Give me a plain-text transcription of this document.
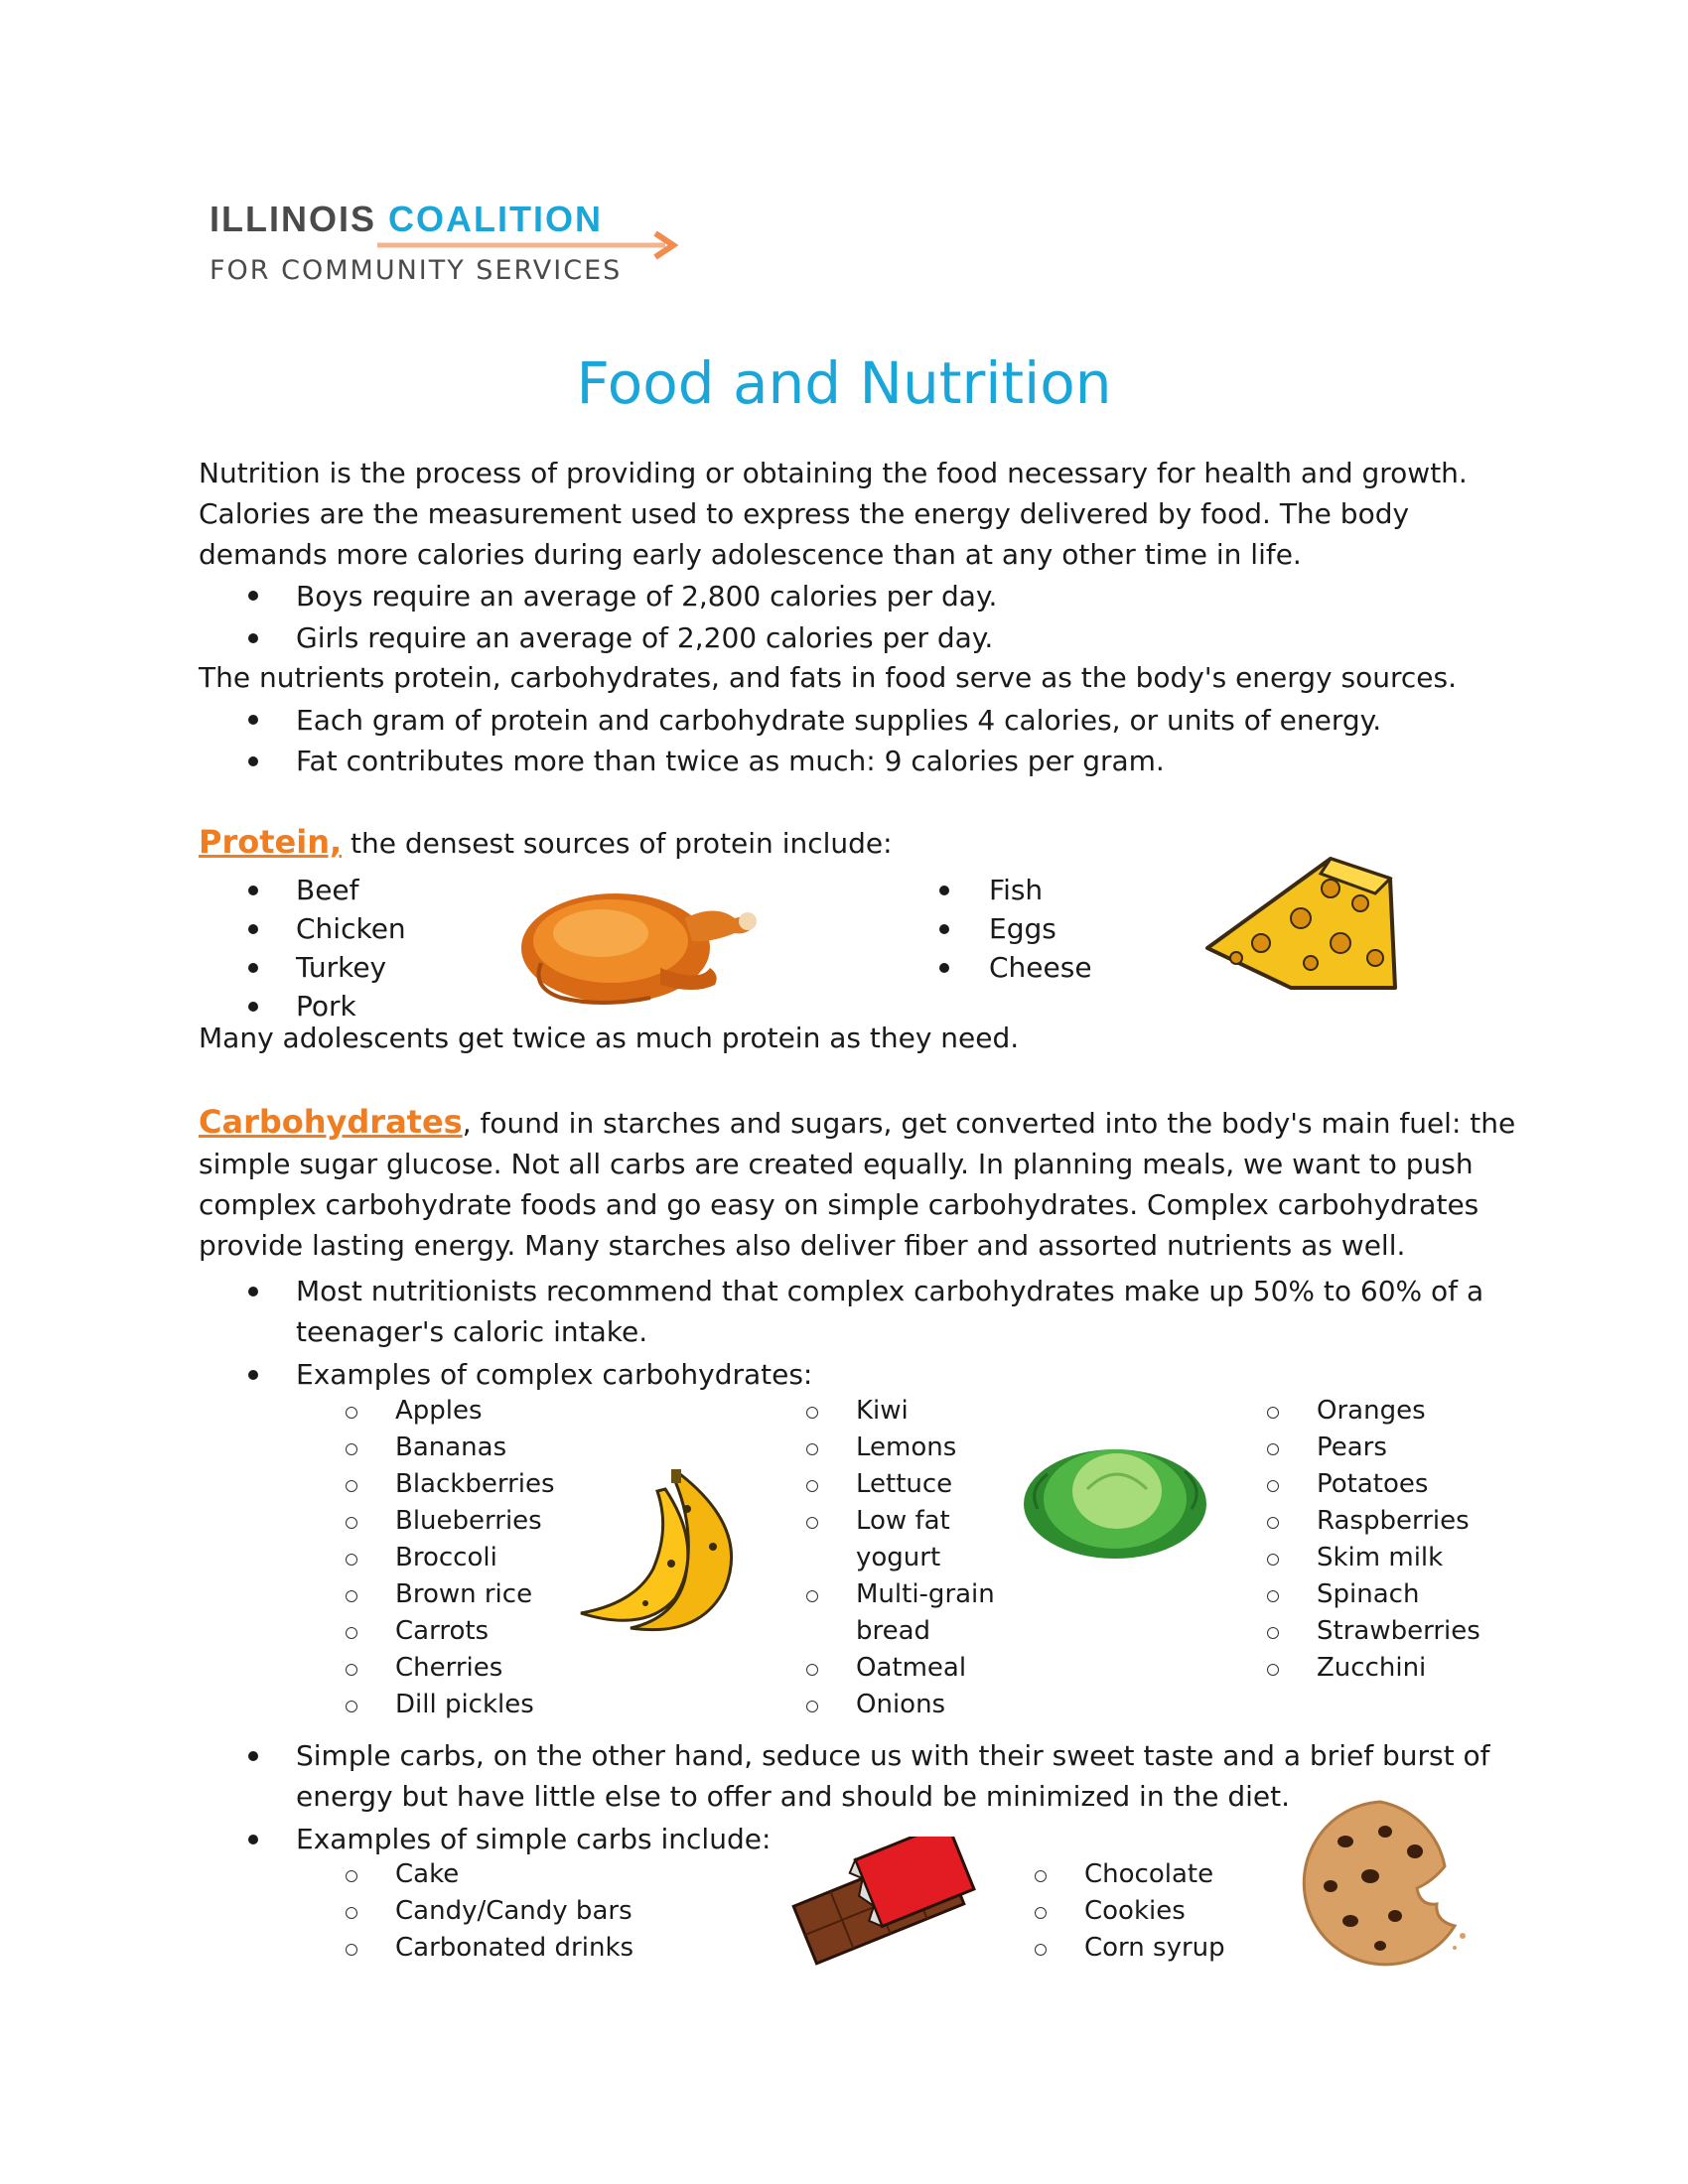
ILLINOIS COALITION
FOR COMMUNITY SERVICES
Food and Nutrition
Nutrition is the process of providing or obtaining the food necessary for health and growth.
Calories are the measurement used to express the energy delivered by food. The body
demands more calories during early adolescence than at any other time in life.
Boys require an average of 2,800 calories per day.
Girls require an average of 2,200 calories per day.
The nutrients protein, carbohydrates, and fats in food serve as the body's energy sources.
Each gram of protein and carbohydrate supplies 4 calories, or units of energy.
Fat contributes more than twice as much: 9 calories per gram.
Protein, the densest sources of protein include:
Beef
Chicken
Turkey
Pork
Fish
Eggs
Cheese
Many adolescents get twice as much protein as they need.
Carbohydrates, found in starches and sugars, get converted into the body's main fuel: the
simple sugar glucose. Not all carbs are created equally. In planning meals, we want to push
complex carbohydrate foods and go easy on simple carbohydrates. Complex carbohydrates
provide lasting energy. Many starches also deliver fiber and assorted nutrients as well.
Most nutritionists recommend that complex carbohydrates make up 50% to 60% of a
teenager's caloric intake.
Examples of complex carbohydrates:
Apples
Bananas
Blackberries
Blueberries
Broccoli
Brown rice
Carrots
Cherries
Dill pickles
Kiwi
Lemons
Lettuce
Low fat
yogurt
Multi-grain
bread
Oatmeal
Onions
Oranges
Pears
Potatoes
Raspberries
Skim milk
Spinach
Strawberries
Zucchini
Simple carbs, on the other hand, seduce us with their sweet taste and a brief burst of
energy but have little else to offer and should be minimized in the diet.
Examples of simple carbs include:
Cake
Candy/Candy bars
Carbonated drinks
Chocolate
Cookies
Corn syrup
